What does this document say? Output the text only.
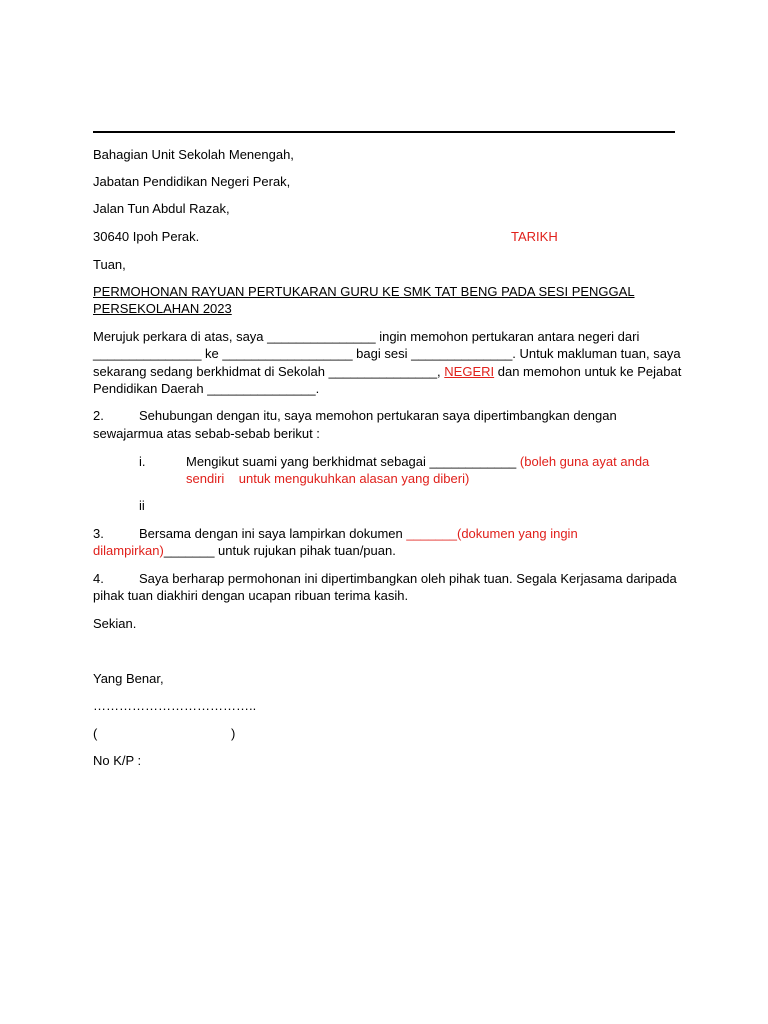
Bahagian Unit Sekolah Menengah,
Jabatan Pendidikan Negeri Perak,
Jalan Tun Abdul Razak,
30640 Ipoh Perak.	TARIKH
Tuan,
PERMOHONAN RAYUAN PERTUKARAN GURU KE SMK TAT BENG PADA SESI PENGGAL
PERSEKOLAHAN 2023
Merujuk perkara di atas, saya _______________ ingin memohon pertukaran antara negeri dari
_______________ ke __________________ bagi sesi ______________. Untuk makluman tuan, saya
sekarang sedang berkhidmat di Sekolah _______________, NEGERI dan memohon untuk ke Pejabat
Pendidikan Daerah _______________.
2.	Sehubungan dengan itu, saya memohon pertukaran saya dipertimbangkan dengan
sewajarmua atas sebab-sebab berikut :
i.	Mengikut suami yang berkhidmat sebagai ____________ (boleh guna ayat anda
sendiri    untuk mengukuhkan alasan yang diberi)
ii
3.	Bersama dengan ini saya lampirkan dokumen _______(dokumen yang ingin
dilampirkan)_______ untuk rujukan pihak tuan/puan.
4.	Saya berharap permohonan ini dipertimbangkan oleh pihak tuan. Segala Kerjasama daripada
pihak tuan diakhiri dengan ucapan ribuan terima kasih.
Sekian.
Yang Benar,
………………………………..
(	)
No K/P :
